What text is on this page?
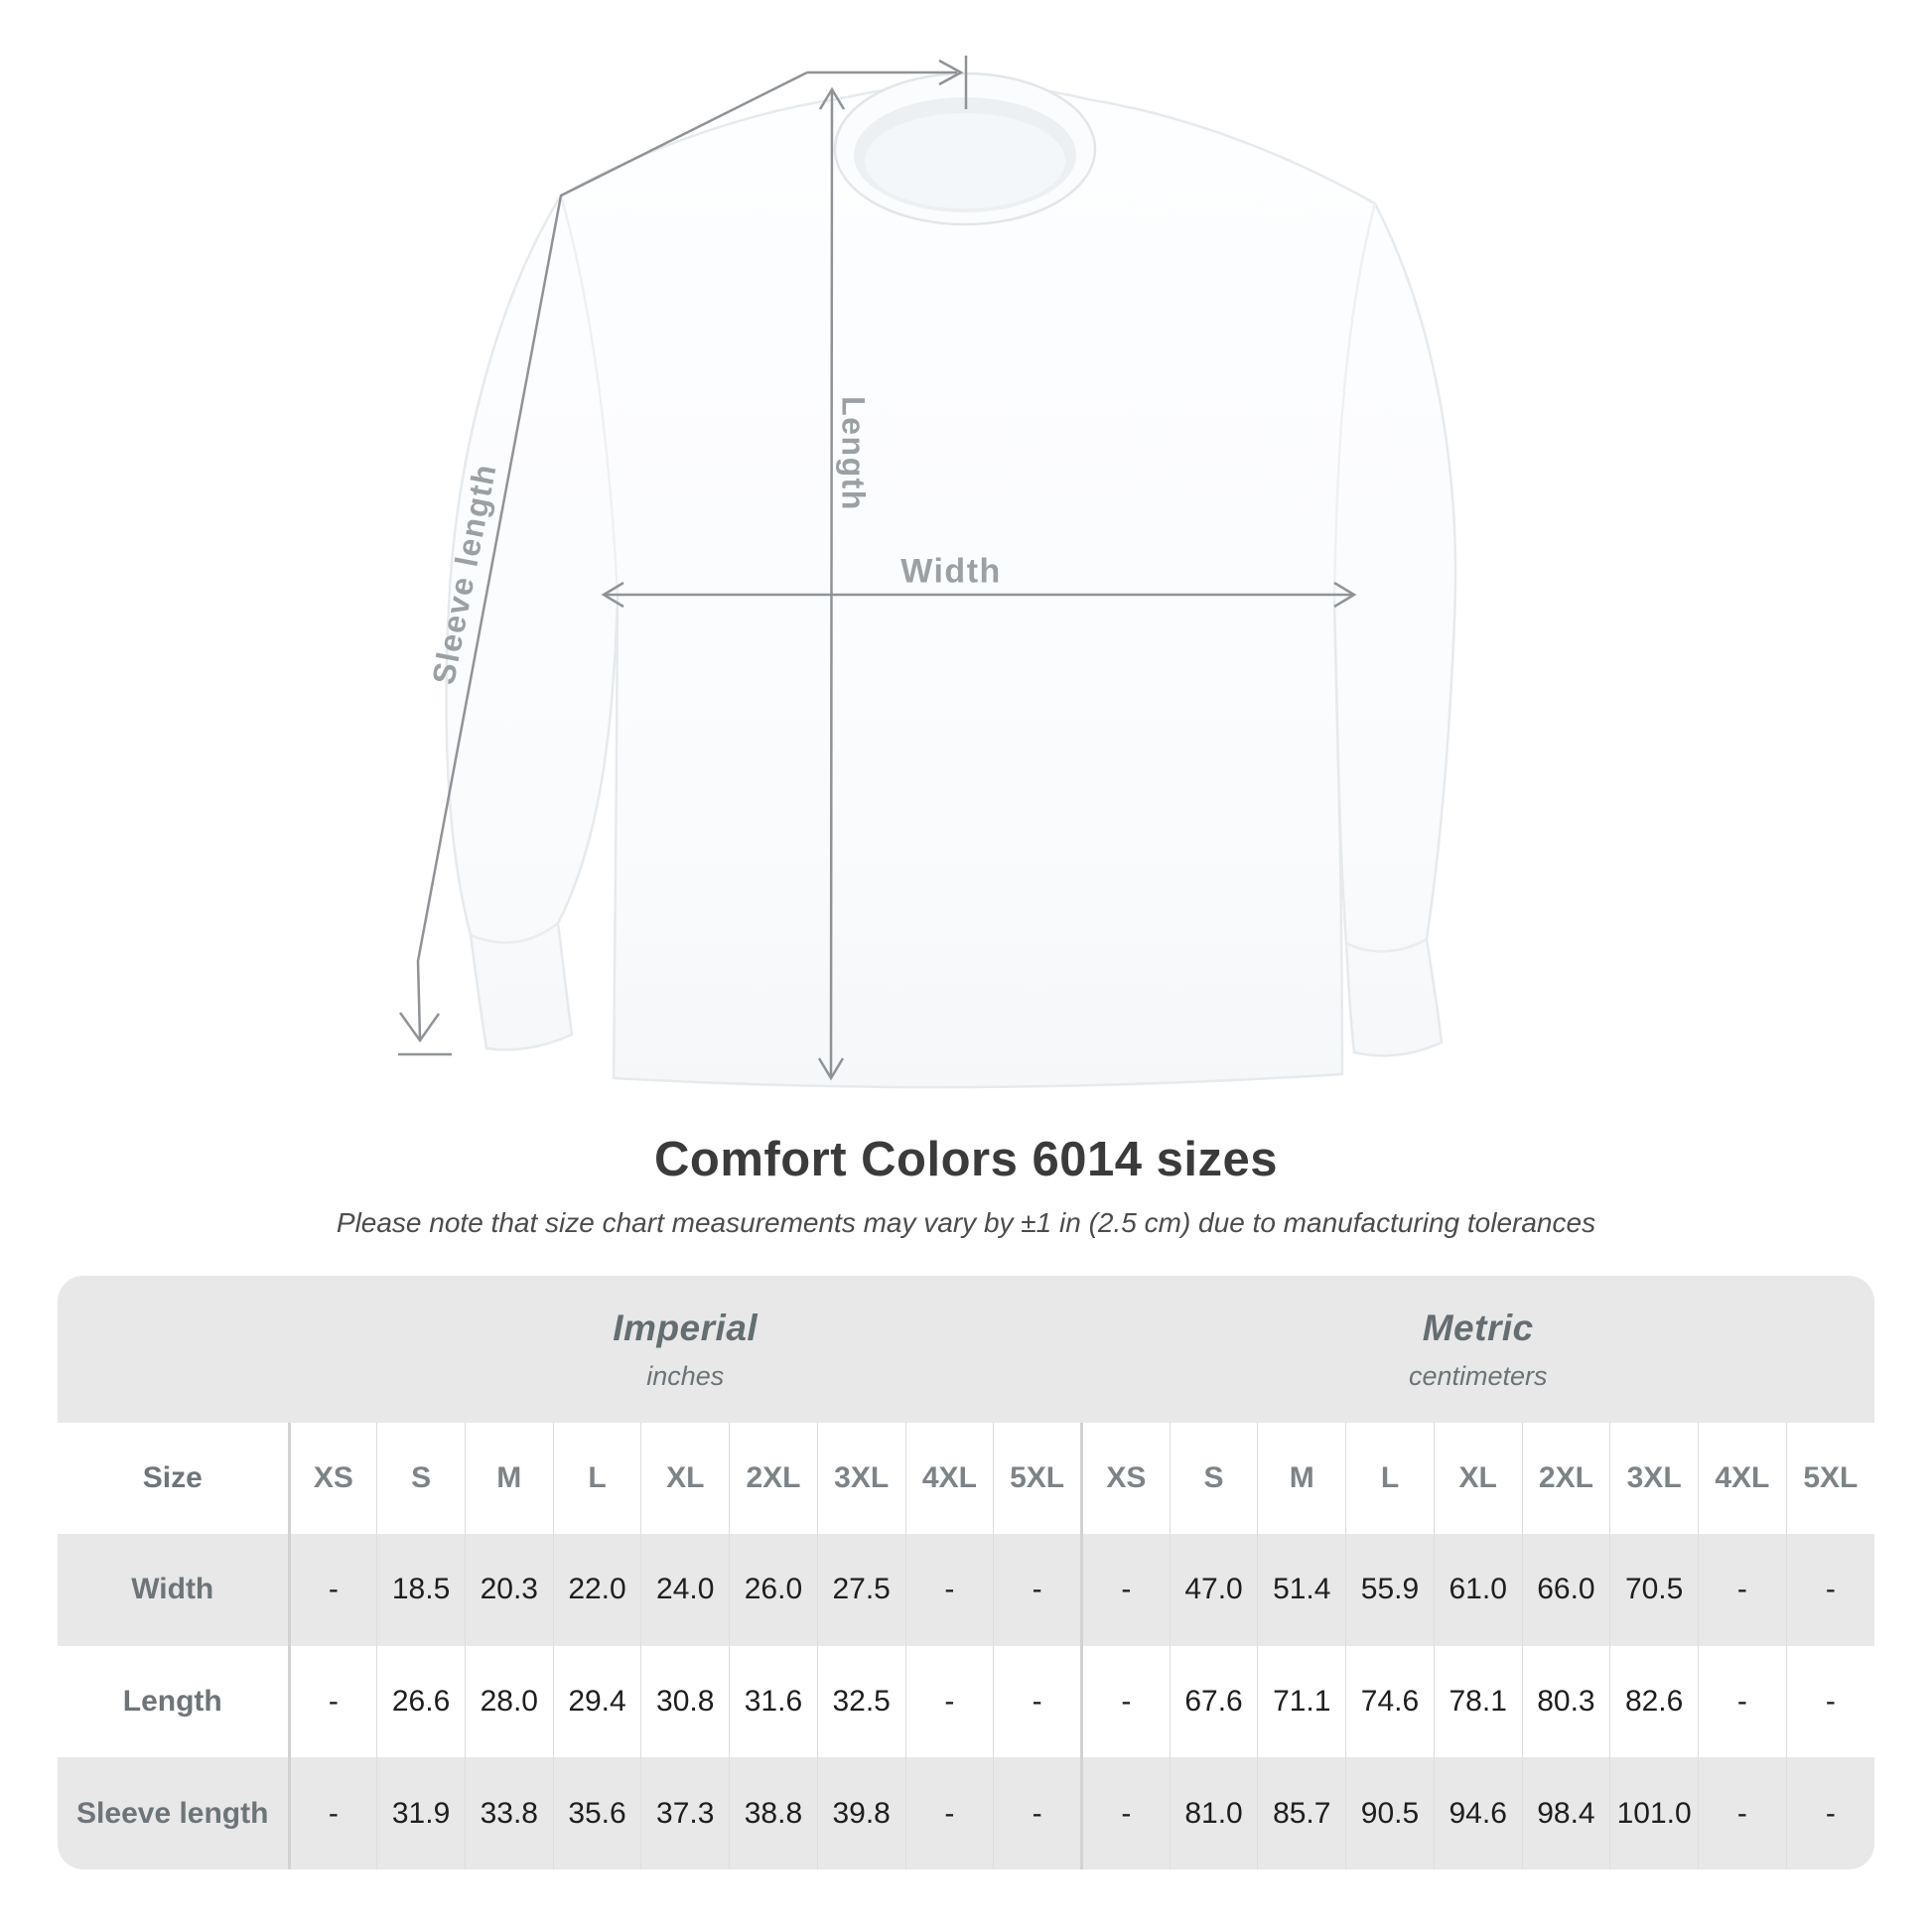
Length
Width
Sleeve length
Comfort Colors 6014 sizes
Please note that size chart measurements may vary by ±1 in (2.5 cm) due to manufacturing tolerances

	Imperial
inches									Metric
centimeters								

Size	XS	S	M	L	XL	2XL	3XL	4XL	5XL	XS	S	M	L	XL	2XL	3XL	4XL	5XL
Width	-	18.5	20.3	22.0	24.0	26.0	27.5	-	-	-	47.0	51.4	55.9	61.0	66.0	70.5	-	-
Length	-	26.6	28.0	29.4	30.8	31.6	32.5	-	-	-	67.6	71.1	74.6	78.1	80.3	82.6	-	-
Sleeve length	-	31.9	33.8	35.6	37.3	38.8	39.8	-	-	-	81.0	85.7	90.5	94.6	98.4	101.0	-	-
